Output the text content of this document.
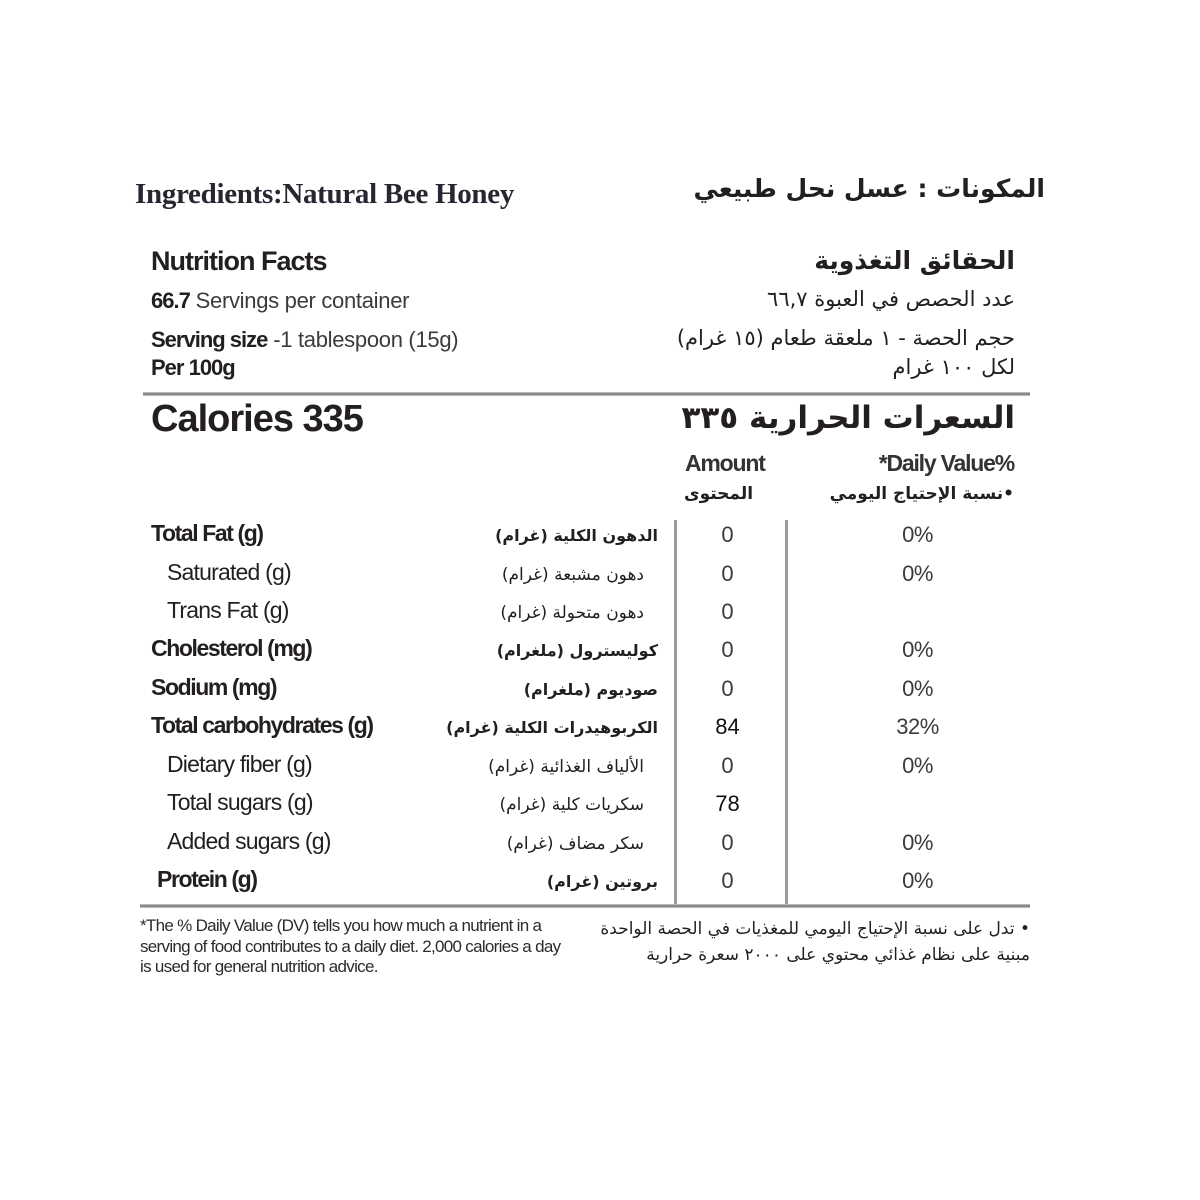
Ingredients:Natural Bee Honey	المكونات : عسل نحل طبيعي
Nutrition Facts	الحقائق التغذوية
66.7 Servings per container	عدد الحصص في العبوة ٦٦,٧
Serving size -1 tablespoon (15g)	حجم الحصة - ١ ملعقة طعام (١٥ غرام)
Per 100g	لكل ١٠٠ غرام
Calories 335	السعرات الحرارية ٣٣٥
Amount	*Daily Value%
المحتوى	•نسبة الإحتياج اليومي
Total Fat (g)	الدهون الكلية (غرام)	0	0%
Saturated (g)	دهون مشبعة (غرام)	0	0%
Trans Fat (g)	دهون متحولة (غرام)	0
Cholesterol (mg)	كوليسترول (ملغرام)	0	0%
Sodium (mg)	صوديوم (ملغرام)	0	0%
Total carbohydrates (g)	الكربوهيدرات الكلية (غرام)	84	32%
Dietary fiber (g)	الألياف الغذائية (غرام)	0	0%
Total sugars (g)	سكريات كلية (غرام)	78
Added sugars (g)	سكر مضاف (غرام)	0	0%
Protein (g)	بروتين (غرام)	0	0%
*The % Daily Value (DV) tells you how much a nutrient in a serving of food contributes to a daily diet. 2,000 calories a day is used for general nutrition advice.
• تدل على نسبة الإحتياج اليومي للمغذيات في الحصة الواحدة مبنية على نظام غذائي محتوي على ٢٠٠٠ سعرة حرارية
